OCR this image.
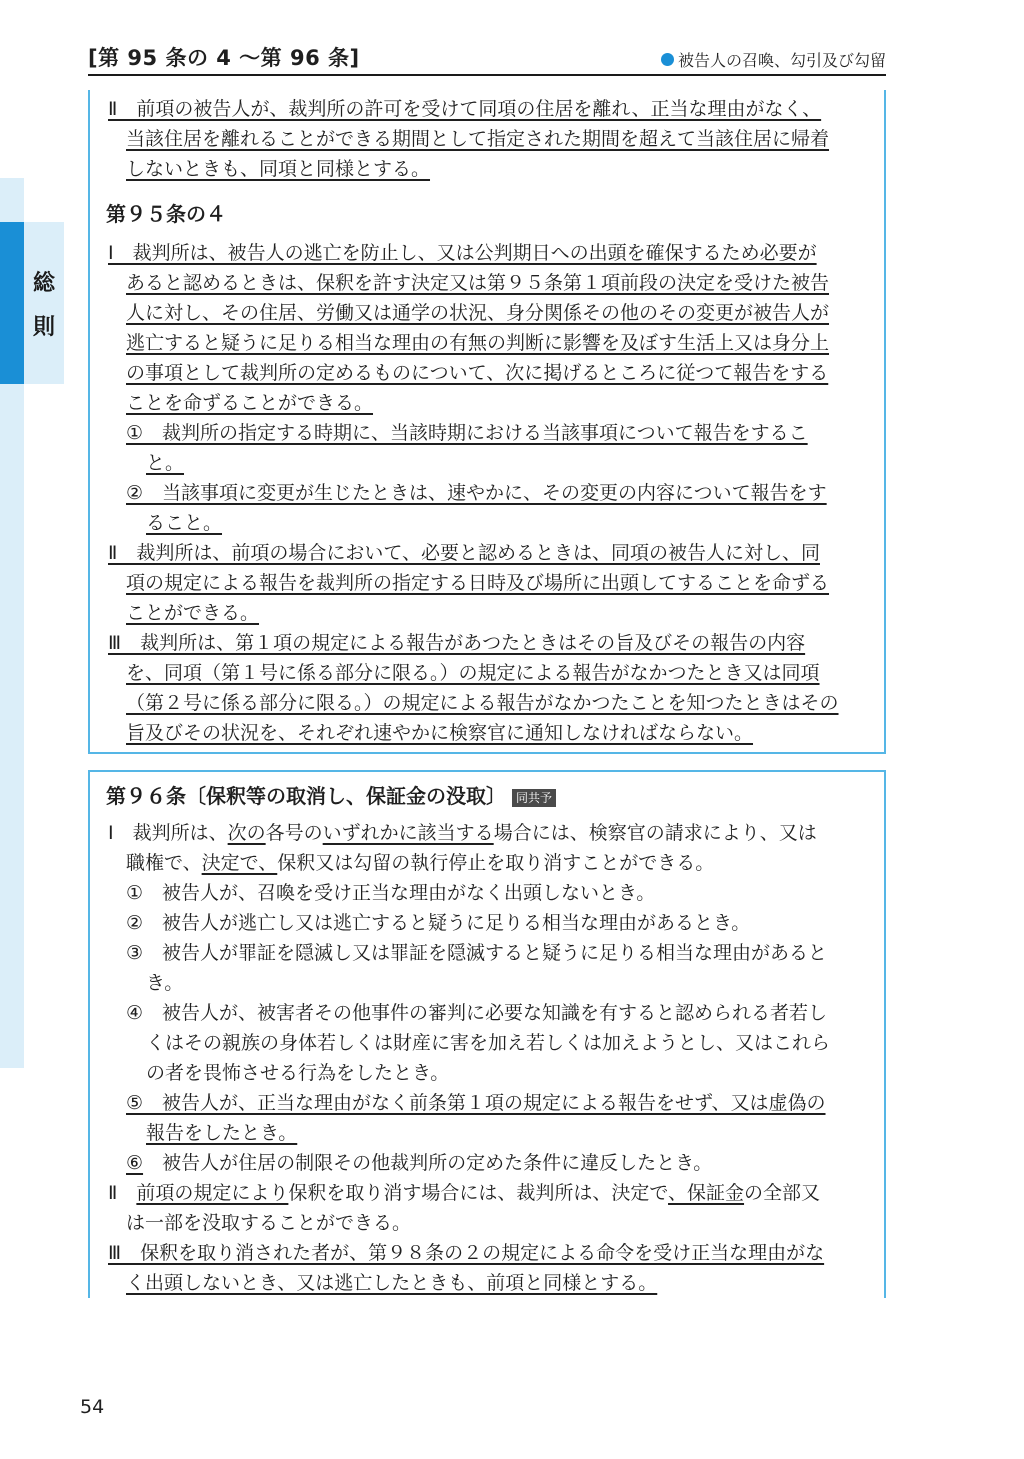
総
則
[第 95 条の 4 〜第 96 条]	被告人の召喚、勾引及び勾留
Ⅱ　前項の被告人が、裁判所の許可を受けて同項の住居を離れ、正当な理由がなく、
当該住居を離れることができる期間として指定された期間を超えて当該住居に帰着
しないときも、同項と同様とする。
第９５条の４
Ⅰ　裁判所は、被告人の逃亡を防止し、又は公判期日への出頭を確保するため必要が
あると認めるときは、保釈を許す決定又は第９５条第１項前段の決定を受けた被告
人に対し、その住居、労働又は通学の状況、身分関係その他のその変更が被告人が
逃亡すると疑うに足りる相当な理由の有無の判断に影響を及ぼす生活上又は身分上
の事項として裁判所の定めるものについて、次に掲げるところに従つて報告をする
ことを命ずることができる。
①　裁判所の指定する時期に、当該時期における当該事項について報告をするこ
と。
②　当該事項に変更が生じたときは、速やかに、その変更の内容について報告をす
ること。
Ⅱ　裁判所は、前項の場合において、必要と認めるときは、同項の被告人に対し、同
項の規定による報告を裁判所の指定する日時及び場所に出頭してすることを命ずる
ことができる。
Ⅲ　裁判所は、第１項の規定による報告があつたときはその旨及びその報告の内容
を、同項（第１号に係る部分に限る。）の規定による報告がなかつたとき又は同項
（第２号に係る部分に限る。）の規定による報告がなかつたことを知つたときはその
旨及びその状況を、それぞれ速やかに検察官に通知しなければならない。
第９６条〔保釈等の取消し、保証金の没取〕 同共予
Ⅰ　 裁判所は、次の各号のいずれかに該当する場合には、検察官の請求により、又は
職権で、決定で、保釈又は勾留の執行停止を取り消すことができる。
①　被告人が、召喚を受け正当な理由がなく出頭しないとき。
②　被告人が逃亡し又は逃亡すると疑うに足りる相当な理由があるとき。
③　被告人が罪証を隠滅し又は罪証を隠滅すると疑うに足りる相当な理由があると
き。
④　被告人が、被害者その他事件の審判に必要な知識を有すると認められる者若し
くはその親族の身体若しくは財産に害を加え若しくは加えようとし、又はこれら
の者を畏怖させる行為をしたとき。
⑤　被告人が、正当な理由がなく前条第１項の規定による報告をせず、又は虚偽の
報告をしたとき。
⑥　 被告人が住居の制限その他裁判所の定めた条件に違反したとき。
Ⅱ　 前項の規定により保釈を取り消す場合には、裁判所は、決定で、保証金の全部又
は一部を没取することができる。
Ⅲ　保釈を取り消された者が、第９８条の２の規定による命令を受け正当な理由がな
く出頭しないとき、又は逃亡したときも、前項と同様とする。
54
